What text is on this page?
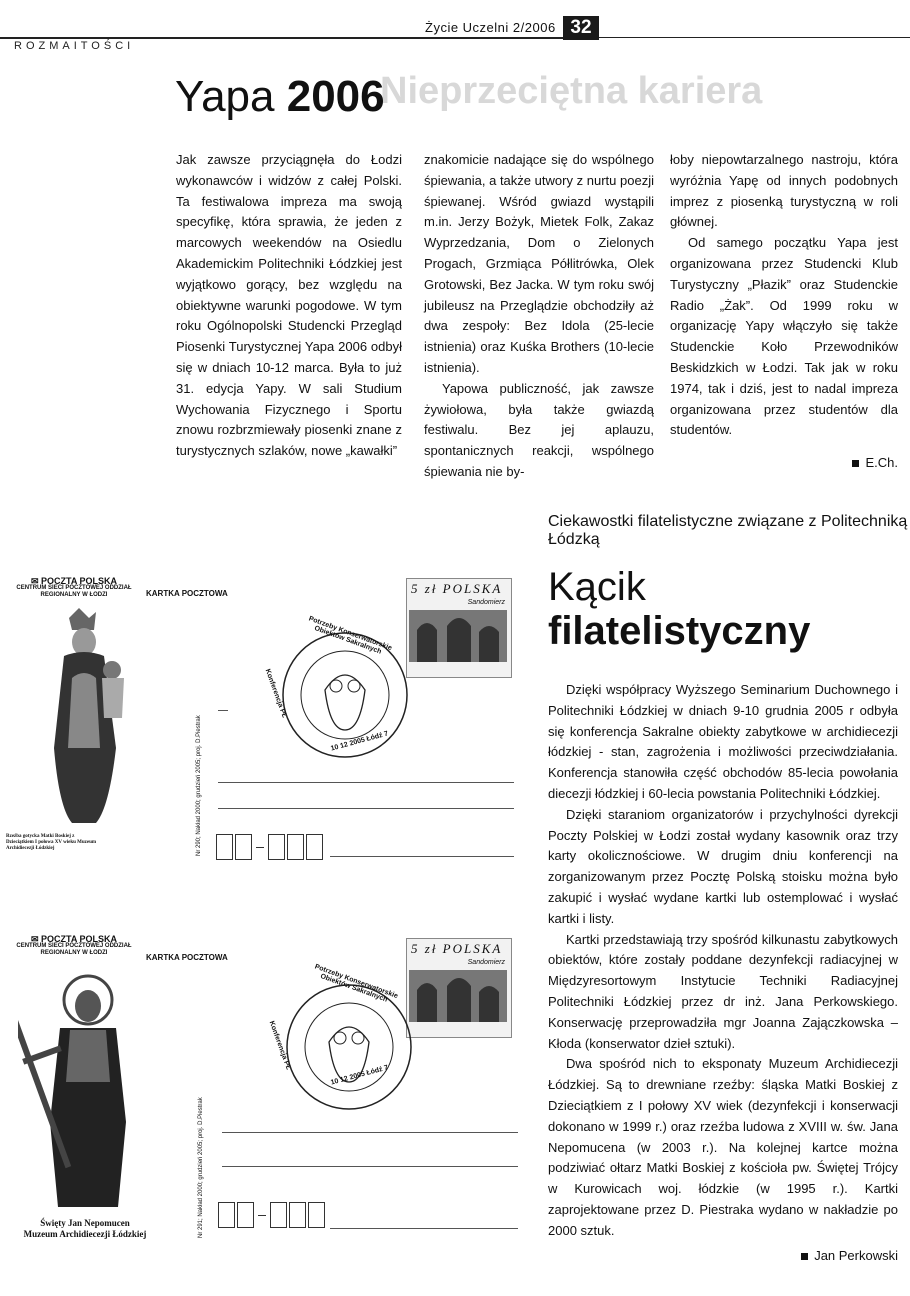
Nieprzeciętna kariera
ROZMAITOŚCI
Życie Uczelni 2/2006 32
Yapa 2006

Jak zawsze przyciągnęła do Łodzi wykonawców i widzów z całej Polski. Ta festiwalowa impreza ma swoją specyfikę, która sprawia, że jeden z marcowych weekendów na Osiedlu Akademickim Politechniki Łódzkiej jest wyjątkowo gorący, bez względu na obiektywne warunki pogodowe. W tym roku Ogólnopolski Studencki Przegląd Piosenki Turystycznej Yapa 2006 odbył się w dniach 10-12 marca. Była to już 31. edycja Yapy. W sali Studium Wychowania Fizycznego i Sportu znowu rozbrzmiewały piosenki znane z turystycznych szlaków, nowe „kawałki”

znakomicie nadające się do wspólnego śpiewania, a także utwory z nurtu poezji śpiewanej. Wśród gwiazd wystąpili m.in. Jerzy Bożyk, Mietek Folk, Zakaz Wyprzedzania, Dom o Zielonych Progach, Grzmiąca Półlitrówka, Olek Grotowski, Bez Jacka. W tym roku swój jubileusz na Przeglądzie obchodziły aż dwa zespoły: Bez Idola (25-lecie istnienia) oraz Kuśka Brothers (10-lecie istnienia).

Yapowa publiczność, jak zawsze żywiołowa, była także gwiazdą festiwalu. Bez jej aplauzu, spontanicznych reakcji, wspólnego śpiewania nie by-

łoby niepowtarzalnego nastroju, która wyróżnia Yapę od innych podobnych imprez z piosenką turystyczną w roli głównej.

Od samego początku Yapa jest organizowana przez Studencki Klub Turystyczny „Płazik” oraz Studenckie Radio „Żak”. Od 1999 roku w organizację Yapy włączyło się także Studenckie Koło Przewodników Beskidzkich w Łodzi. Tak jak w roku 1974, tak i dziś, jest to nadal impreza organizowana przez studentów dla studentów.

E.Ch.
Ciekawostki filatelistyczne związane z Politechniką Łódzką
Kącik
filatelistyczny

Dzięki współpracy Wyższego Seminarium Duchownego i Politechniki Łódzkiej w dniach 9-10 grudnia 2005 r odbyła się konferencja Sakralne obiekty zabytkowe w archidiecezji łódzkiej - stan, zagrożenia i możliwości przeciwdziałania. Konferencja stanowiła część obchodów 85-lecia powołania diecezji łódzkiej i 60-lecia powstania Politechniki Łódzkiej.

Dzięki staraniom organizatorów i przychylności dyrekcji Poczty Polskiej w Łodzi został wydany kasownik oraz trzy karty okolicznościowe. W drugim dniu konferencji na zorganizowanym przez Pocztę Polską stoisku można było zakupić i wysłać wydane kartki lub ostemplować i wysłać kartki i listy.

Kartki przedstawiają trzy spośród kilkunastu zabytkowych obiektów, które zostały poddane dezynfekcji radiacyjnej w Międzyresortowym Instytucie Techniki Radiacyjnej Politechniki Łódzkiej przez dr inż. Jana Perkowskiego. Konserwację przeprowadziła mgr Joanna Zajączkowska – Kłoda (konserwator dzieł sztuki).

Dwa spośród nich to eksponaty Muzeum Archidiecezji Łódzkiej. Są to drewniane rzeźby: śląska Matki Boskiej z Dzieciątkiem z I połowy XV wiek (dezynfekcji i konserwacji dokonano w 1999 r.) oraz rzeźba ludowa z XVIII w. św. Jana Nepomucena (w 2003 r.). Na kolejnej kartce można podziwiać ołtarz Matki Boskiej z kościoła pw. Świętej Trójcy w Kurowicach woj. łódzkie (w 1995 r.). Kartki zaprojektowane przez D. Piestraka wydano w nakładzie po 2000 sztuk.

Jan Perkowski
✉ POCZTA POLSKA
CENTRUM SIECI POCZTOWEJ ODDZIAŁ REGIONALNY W ŁODZI	KARTKA POCZTOWA
Rzeźba gotycka Matki Boskiej z Dzieciątkiem I połowa XV wieku Muzeum Archidiecezji Łódzkiej	Nr 290; Nakład 2000; grudzień 2005; proj. D.Piestrak
5 zł POLSKA
Sandomierz
Potrzeby Konserwatorskie Obiektów Sakralnych
Konferencja PŁ
10 12 2005 Łódź 7
✉ POCZTA POLSKA
CENTRUM SIECI POCZTOWEJ ODDZIAŁ REGIONALNY W ŁODZI	KARTKA POCZTOWA
Święty Jan Nepomucen
Muzeum Archidiecezji Łódzkiej	Nr 291; Nakład 2000; grudzień 2005; proj. D.Piestrak
5 zł POLSKA
Sandomierz
Potrzeby Konserwatorskie Obiektów Sakralnych
Konferencja PŁ
10 12 2005 Łódź 7
